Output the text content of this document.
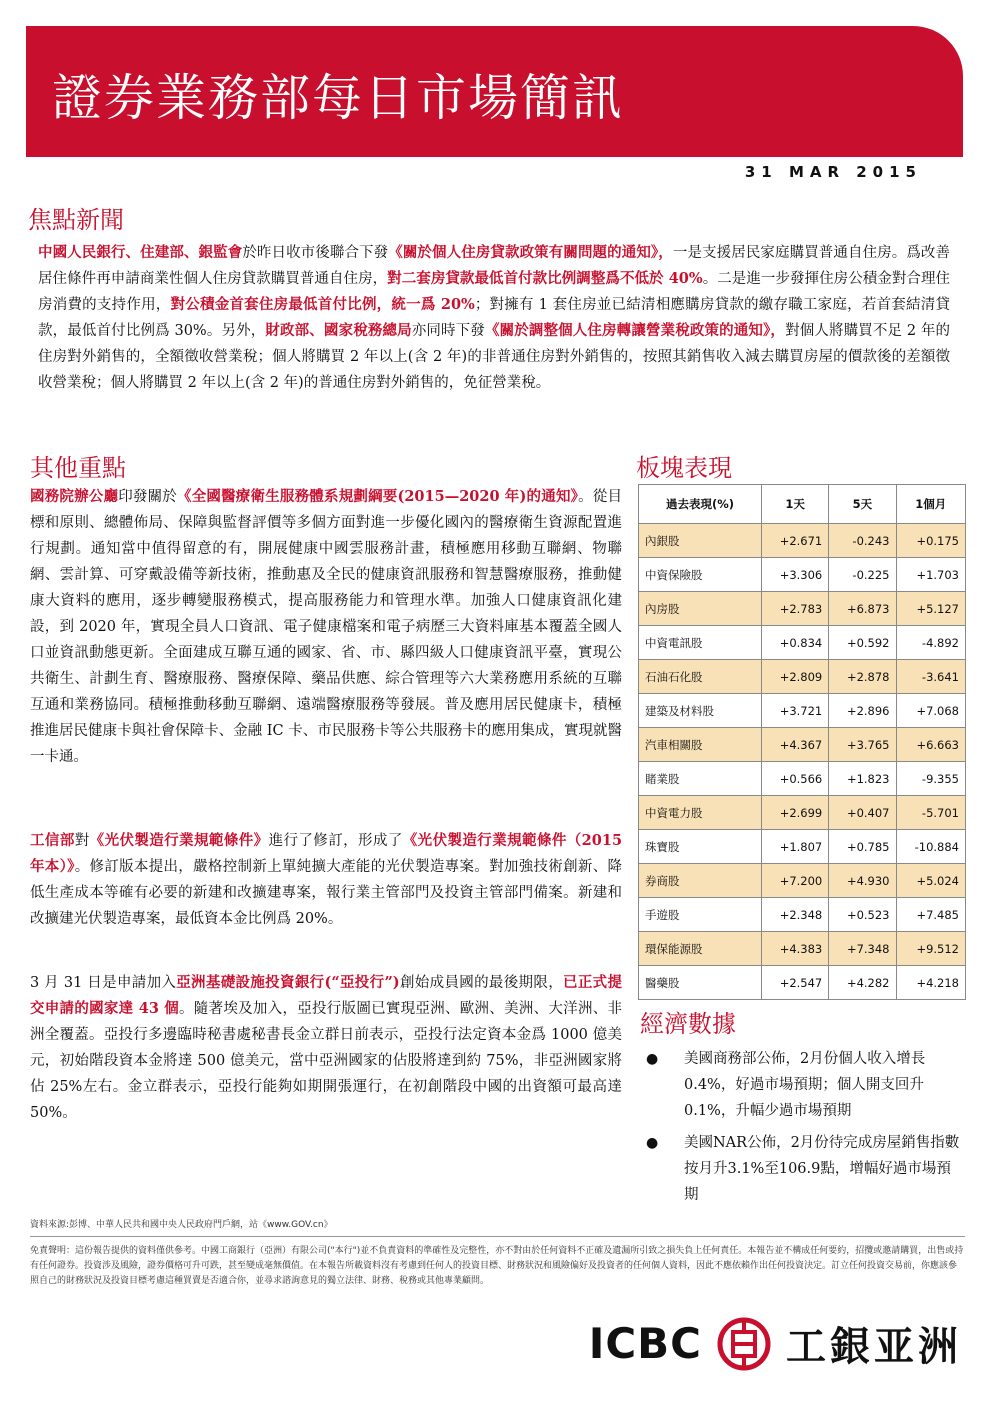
證券業務部每日市場簡訊
31 MAR 2015
焦點新聞

中國人民銀行、住建部、銀監會於昨日收市後聯合下發《關於個人住房貸款政策有關問題的通知》，一是支援居民家庭購買普通自住房。爲改善居住條件再申請商業性個人住房貸款購買普通自住房，對二套房貸款最低首付款比例調整爲不低於 40%。二是進一步發揮住房公積金對合理住房消費的支持作用，對公積金首套住房最低首付比例，統一爲 20%；對擁有 1 套住房並已結清相應購房貸款的繳存職工家庭，若首套結清貸款，最低首付比例爲 30%。另外，財政部、國家稅務總局亦同時下發《關於調整個人住房轉讓營業稅政策的通知》，對個人將購買不足 2 年的住房對外銷售的，全額徵收營業稅；個人將購買 2 年以上(含 2 年)的非普通住房對外銷售的，按照其銷售收入減去購買房屋的價款後的差額徵收營業稅；個人將購買 2 年以上(含 2 年)的普通住房對外銷售的，免征營業稅。

其他重點

國務院辦公廳印發關於《全國醫療衛生服務體系規劃綱要(2015—2020 年)的通知》。從目標和原則、總體佈局、保障與監督評價等多個方面對進一步優化國內的醫療衛生資源配置進行規劃。通知當中值得留意的有，開展健康中國雲服務計畫，積極應用移動互聯網、物聯網、雲計算、可穿戴設備等新技術，推動惠及全民的健康資訊服務和智慧醫療服務，推動健康大資料的應用，逐步轉變服務模式，提高服務能力和管理水準。加強人口健康資訊化建設，到 2020 年，實現全員人口資訊、電子健康檔案和電子病歷三大資料庫基本覆蓋全國人口並資訊動態更新。全面建成互聯互通的國家、省、市、縣四級人口健康資訊平臺，實現公共衛生、計劃生育、醫療服務、醫療保障、藥品供應、綜合管理等六大業務應用系統的互聯互通和業務協同。積極推動移動互聯網、遠端醫療服務等發展。普及應用居民健康卡，積極推進居民健康卡與社會保障卡、金融 IC 卡、市民服務卡等公共服務卡的應用集成，實現就醫一卡通。

工信部對《光伏製造行業規範條件》進行了修訂，形成了《光伏製造行業規範條件（2015 年本）》。修訂版本提出，嚴格控制新上單純擴大產能的光伏製造專案。對加強技術創新、降低生產成本等確有必要的新建和改擴建專案，報行業主管部門及投資主管部門備案。新建和改擴建光伏製造專案，最低資本金比例爲 20%。

3 月 31 日是申請加入亞洲基礎設施投資銀行(“亞投行”)創始成員國的最後期限，已正式提交申請的國家達 43 個。隨著埃及加入，亞投行版圖已實現亞洲、歐洲、美洲、大洋洲、非洲全覆蓋。亞投行多邊臨時秘書處秘書長金立群日前表示，亞投行法定資本金爲 1000 億美元，初始階段資本金將達 500 億美元，當中亞洲國家的佔股將達到約 75%，非亞洲國家將佔 25%左右。金立群表示，亞投行能夠如期開張運行，在初創階段中國的出資額可最高達 50%。

板塊表現
過去表現(%)	1天	5天	1個月
內銀股	+2.671	-0.243	+0.175
中資保險股	+3.306	-0.225	+1.703
內房股	+2.783	+6.873	+5.127
中資電訊股	+0.834	+0.592	-4.892
石油石化股	+2.809	+2.878	-3.641
建築及材料股	+3.721	+2.896	+7.068
汽車相關股	+4.367	+3.765	+6.663
賭業股	+0.566	+1.823	-9.355
中資電力股	+2.699	+0.407	-5.701
珠寶股	+1.807	+0.785	-10.884
券商股	+7.200	+4.930	+5.024
手遊股	+2.348	+0.523	+7.485
環保能源股	+4.383	+7.348	+9.512
醫藥股	+2.547	+4.282	+4.218
經濟數據
●	美國商務部公佈，2月份個人收入增長0.4%，好過市場預期；個人開支回升0.1%，升幅少過市場預期
●	美國NAR公佈，2月份待完成房屋銷售指數按月升3.1%至106.9點，增幅好過市場預期
資料來源:彭博、中華人民共和國中央人民政府門戶網，站《www.GOV.cn》
免責聲明：這份報告提供的資料僅供參考。中國工商銀行（亞洲）有限公司("本行")並不負責資料的準確性及完整性，亦不對由於任何資料不正確及遺漏所引致之損失負上任何責任。本報告並不構成任何要約，招攬或邀請購買，出售或持有任何證券。投資涉及風險，證券價格可升可跌，甚至變成毫無價值。在本報告所載資料沒有考慮到任何人的投資目標、財務狀況和風險偏好及投資者的任何個人資料，因此不應依賴作出任何投資決定。訂立任何投資交易前，你應該參照自己的財務狀況及投資目標考慮這種買賣是否適合你，並尋求諮詢意見的獨立法律、財務、稅務或其他專業顧問。
ICBC 工銀亚洲
